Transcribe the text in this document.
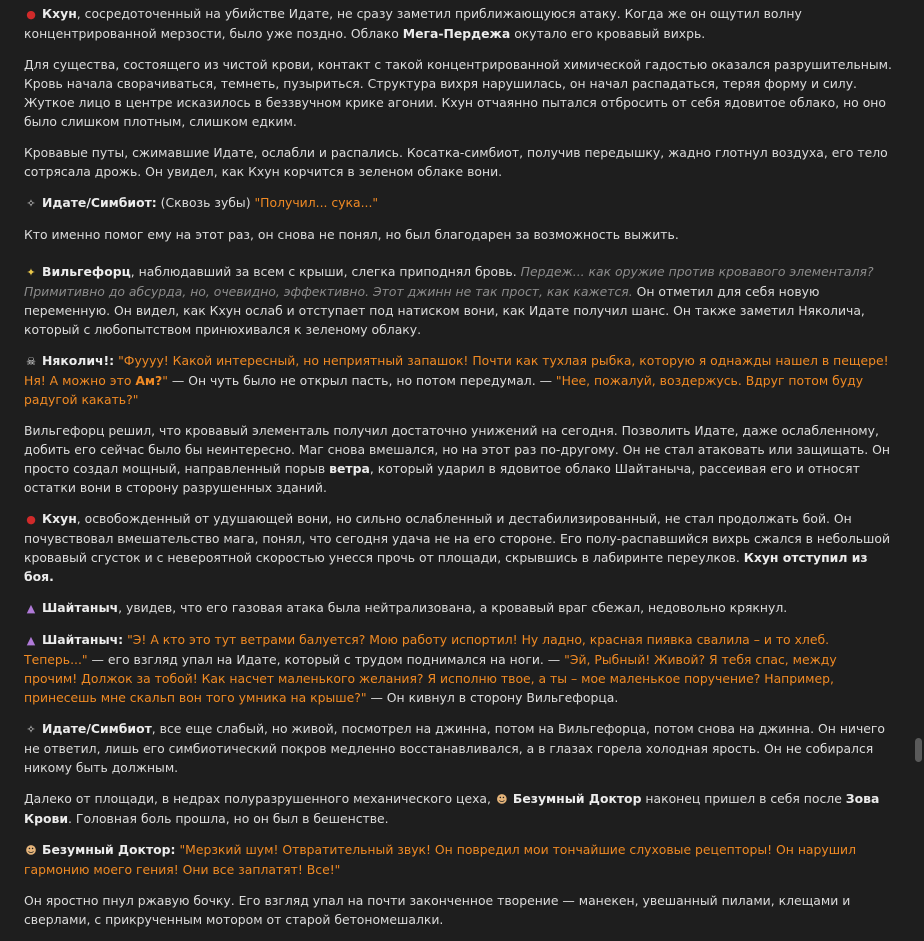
● Кхун, сосредоточенный на убийстве Идате, не сразу заметил приближающуюся атаку. Когда же он ощутил волну концентрированной мерзости, было уже поздно. Облако Мега-Пердежа окутало его кровавый вихрь.

Для существа, состоящего из чистой крови, контакт с такой концентрированной химической гадостью оказался разрушительным. Кровь начала сворачиваться, темнеть, пузыриться. Структура вихря нарушилась, он начал распадаться, теряя форму и силу. Жуткое лицо в центре исказилось в беззвучном крике агонии. Кхун отчаянно пытался отбросить от себя ядовитое облако, но оно было слишком плотным, слишком едким.

Кровавые путы, сжимавшие Идате, ослабли и распались. Косатка-симбиот, получив передышку, жадно глотнул воздуха, его тело сотрясала дрожь. Он увидел, как Кхун корчится в зеленом облаке вони.

✧ Идате/Симбиот: (Сквозь зубы) "Получил... сука..."

Кто именно помог ему на этот раз, он снова не понял, но был благодарен за возможность выжить.

✦ Вильгефорц, наблюдавший за всем с крыши, слегка приподнял бровь. Пердеж... как оружие против кровавого элементаля? Примитивно до абсурда, но, очевидно, эффективно. Этот джинн не так прост, как кажется. Он отметил для себя новую переменную. Он видел, как Кхун ослаб и отступает под натиском вони, как Идате получил шанс. Он также заметил Няколича, который с любопытством принюхивался к зеленому облаку.

☠ Няколич!: "Фуууу! Какой интересный, но неприятный запашок! Почти как тухлая рыбка, которую я однажды нашел в пещере! Ня! А можно это Ам?" — Он чуть было не открыл пасть, но потом передумал. — "Нее, пожалуй, воздержусь. Вдруг потом буду радугой какать?"

Вильгефорц решил, что кровавый элементаль получил достаточно унижений на сегодня. Позволить Идате, даже ослабленному, добить его сейчас было бы неинтересно. Маг снова вмешался, но на этот раз по-другому. Он не стал атаковать или защищать. Он просто создал мощный, направленный порыв ветра, который ударил в ядовитое облако Шайтаныча, рассеивая его и относят остатки вони в сторону разрушенных зданий.

● Кхун, освобожденный от удушающей вони, но сильно ослабленный и дестабилизированный, не стал продолжать бой. Он почувствовал вмешательство мага, понял, что сегодня удача не на его стороне. Его полу-распавшийся вихрь сжался в небольшой кровавый сгусток и с невероятной скоростью унесся прочь от площади, скрывшись в лабиринте переулков. Кхун отступил из боя.

▲ Шайтаныч, увидев, что его газовая атака была нейтрализована, а кровавый враг сбежал, недовольно крякнул.

▲ Шайтаныч: "Э! А кто это тут ветрами балуется? Мою работу испортил! Ну ладно, красная пиявка свалила – и то хлеб. Теперь..." — его взгляд упал на Идате, который с трудом поднимался на ноги. — "Эй, Рыбный! Живой? Я тебя спас, между прочим! Должок за тобой! Как насчет маленького желания? Я исполню твое, а ты – мое маленькое поручение? Например, принесешь мне скальп вон того умника на крыше?" — Он кивнул в сторону Вильгефорца.

✧ Идате/Симбиот, все еще слабый, но живой, посмотрел на джинна, потом на Вильгефорца, потом снова на джинна. Он ничего не ответил, лишь его симбиотический покров медленно восстанавливался, а в глазах горела холодная ярость. Он не собирался никому быть должным.

Далеко от площади, в недрах полуразрушенного механического цеха, ☻ Безумный Доктор наконец пришел в себя после Зова Крови. Головная боль прошла, но он был в бешенстве.

☻ Безумный Доктор: "Мерзкий шум! Отвратительный звук! Он повредил мои тончайшие слуховые рецепторы! Он нарушил гармонию моего гения! Они все заплатят! Все!"

Он яростно пнул ржавую бочку. Его взгляд упал на почти законченное творение — манекен, увешанный пилами, клещами и сверлами, с прикрученным мотором от старой бетономешалки.
